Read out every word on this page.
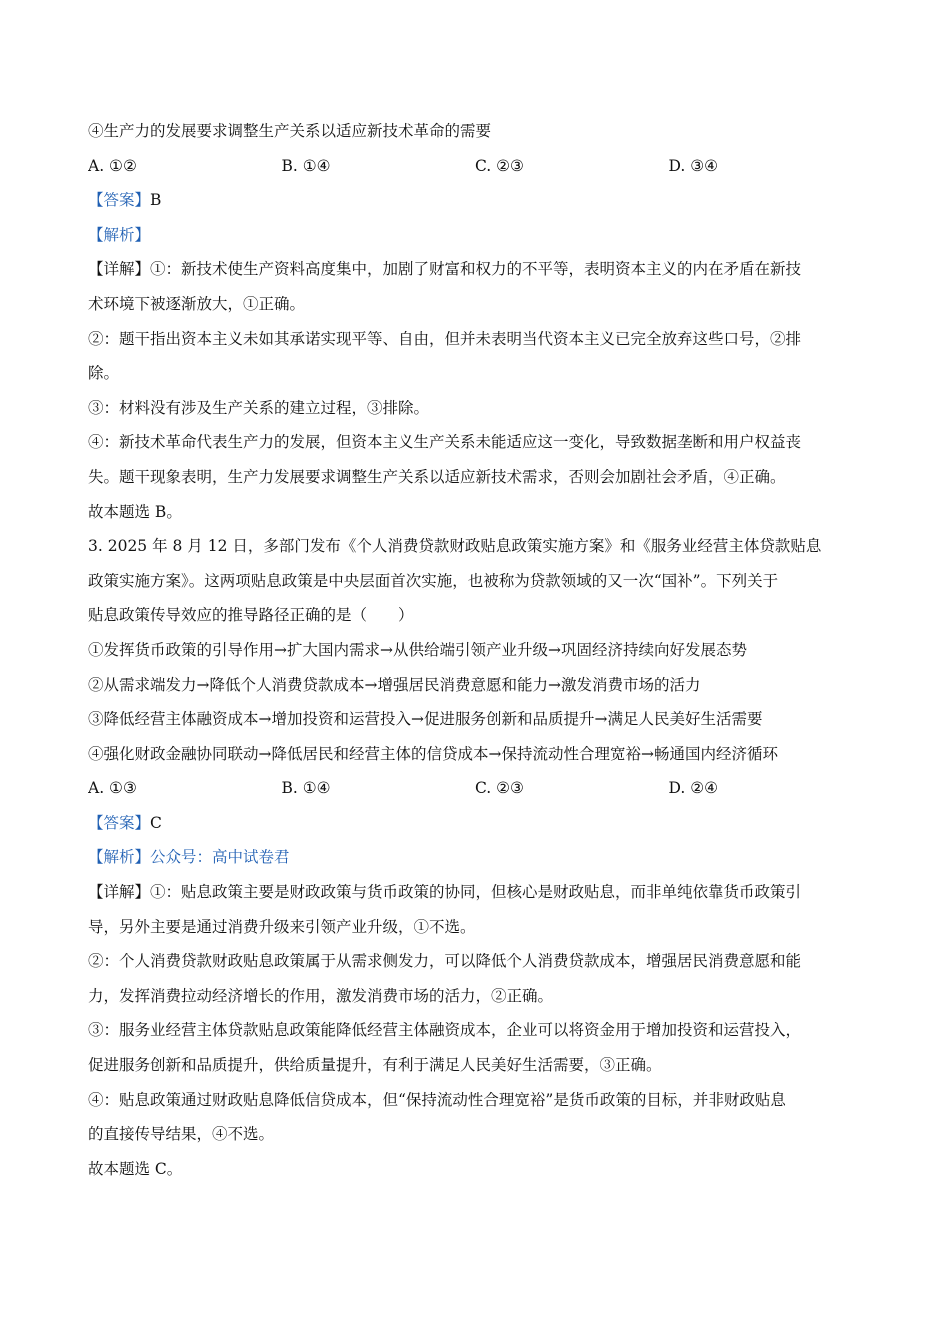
④生产力的发展要求调整生产关系以适应新技术革命的需要
A. ①②	B. ①④	C. ②③	D. ③④
【答案】B
【解析】
【详解】①：新技术使生产资料高度集中，加剧了财富和权力的不平等，表明资本主义的内在矛盾在新技
术环境下被逐渐放大，①正确。
②：题干指出资本主义未如其承诺实现平等、自由，但并未表明当代资本主义已完全放弃这些口号，②排
除。
③：材料没有涉及生产关系的建立过程，③排除。
④：新技术革命代表生产力的发展，但资本主义生产关系未能适应这一变化，导致数据垄断和用户权益丧
失。题干现象表明，生产力发展要求调整生产关系以适应新技术需求，否则会加剧社会矛盾，④正确。
故本题选 B。
3. 2025 年 8 月 12 日，多部门发布《个人消费贷款财政贴息政策实施方案》和《服务业经营主体贷款贴息
政策实施方案》。这两项贴息政策是中央层面首次实施，也被称为贷款领域的又一次“国补”。下列关于
贴息政策传导效应的推导路径正确的是（　　）
①发挥货币政策的引导作用→扩大国内需求→从供给端引领产业升级→巩固经济持续向好发展态势
②从需求端发力→降低个人消费贷款成本→增强居民消费意愿和能力→激发消费市场的活力
③降低经营主体融资成本→增加投资和运营投入→促进服务创新和品质提升→满足人民美好生活需要
④强化财政金融协同联动→降低居民和经营主体的信贷成本→保持流动性合理宽裕→畅通国内经济循环
A. ①③	B. ①④	C. ②③	D. ②④
【答案】C
【解析】公众号：高中试卷君
【详解】①：贴息政策主要是财政政策与货币政策的协同，但核心是财政贴息，而非单纯依靠货币政策引
导，另外主要是通过消费升级来引领产业升级，①不选。
②：个人消费贷款财政贴息政策属于从需求侧发力，可以降低个人消费贷款成本，增强居民消费意愿和能
力，发挥消费拉动经济增长的作用，激发消费市场的活力，②正确。
③：服务业经营主体贷款贴息政策能降低经营主体融资成本，企业可以将资金用于增加投资和运营投入，
促进服务创新和品质提升，供给质量提升，有利于满足人民美好生活需要，③正确。
④：贴息政策通过财政贴息降低信贷成本，但“保持流动性合理宽裕”是货币政策的目标，并非财政贴息
的直接传导结果，④不选。
故本题选 C。
